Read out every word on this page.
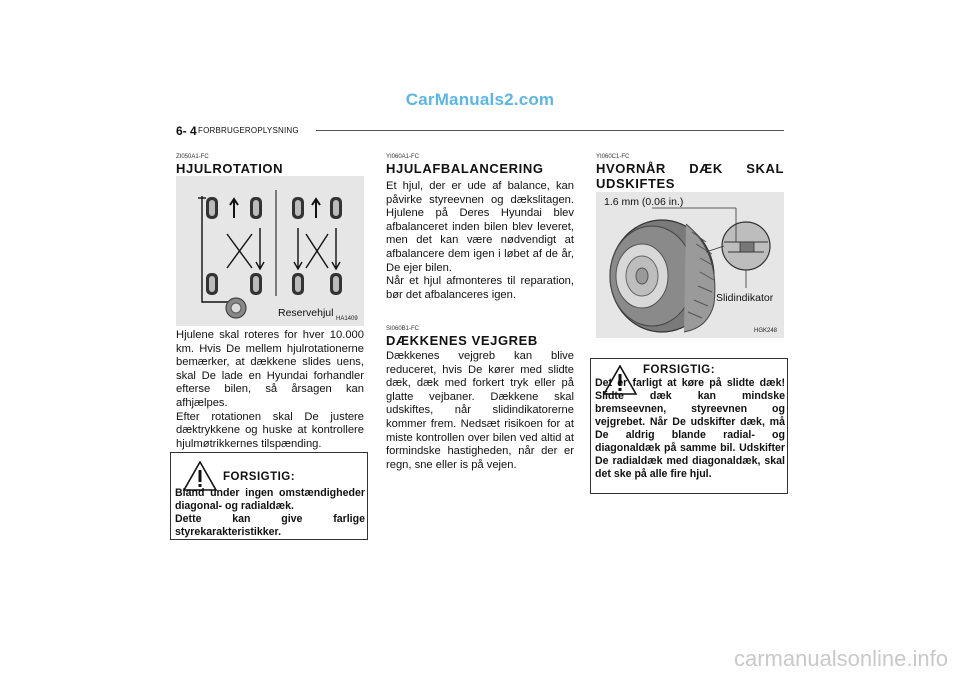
CarManuals2.com
carmanualsonline.info
6- 4 FORBRUGEROPLYSNING
ZI050A1-FC
HJULROTATION
Reservehjul HA1409
Hjulene skal roteres for hver 10.000 km. Hvis De mellem hjulrotationerne bemærker, at dækkene slides uens, skal De lade en Hyundai forhandler efterse bilen, så årsagen kan afhjælpes.
Efter rotationen skal De justere dæktrykkene og huske at kontrollere hjulmøtrikkernes tilspænding.
FORSIGTIG:
Bland under ingen omstændigheder diagonal- og radialdæk.
Dette kan give farlige styrekarakteristikker.
YI060A1-FC
HJULAFBALANCERING
Et hjul, der er ude af balance, kan påvirke styreevnen og dækslitagen. Hjulene på Deres Hyundai blev afbalanceret inden bilen blev leveret, men det kan være nødvendigt at afbalancere dem igen i løbet af de år, De ejer bilen.
Når et hjul afmonteres til reparation, bør det afbalanceres igen.
SI060B1-FC
DÆKKENES VEJGREB
Dækkenes vejgreb kan blive reduceret, hvis De kører med slidte dæk, dæk med forkert tryk eller på glatte vejbaner. Dækkene skal udskiftes, når slidindikatorerne kommer frem. Nedsæt risikoen for at miste kontrollen over bilen ved altid at formindske hastigheden, når der er regn, sne eller is på vejen.
YI060C1-FC
HVORNÅR DÆK SKAL UDSKIFTES
1.6 mm (0.06 in.)
Slidindikator
HGK248
FORSIGTIG:
Det er farligt at køre på slidte dæk! Slidte dæk kan mindske bremseevnen, styreevnen og vejgrebet. Når De udskifter dæk, må De aldrig blande radial- og diagonaldæk på samme bil. Udskifter De radialdæk med diagonaldæk, skal det ske på alle fire hjul.
